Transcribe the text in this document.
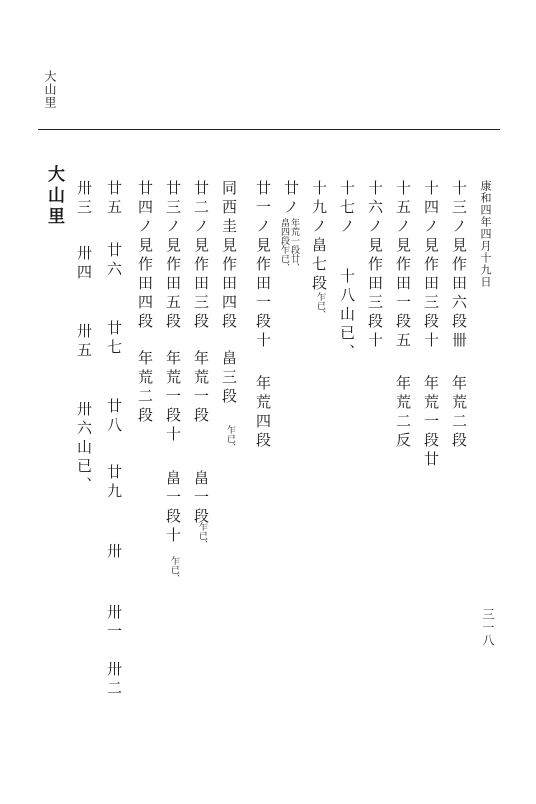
大山里
康和四年四月十九日
三一八
十三ノ見作田六段卌
年荒二段
十四ノ見作田三段十
年荒一段廿
十五ノ見作田一段五
年荒二反
十六ノ見作田三段十
十七ノ
十八山已、
十九ノ畠七段
乍已、
廿ノ
年荒一段廿、
畠四段乍已、
廿一ノ見作田一段十
年荒四段
同西圭見作田四段
畠三段
乍已、
廿二ノ見作田三段
年荒一段
畠一段
乍已、
廿三ノ見作田五段
年荒一段十
畠一段十
乍已、
廿四ノ見作田四段
年荒二段
廿五
廿六
廿七
廿八
廿九
卅
卅一
卅二
卅三
卅四
卅五
卅六山已、
大山里
